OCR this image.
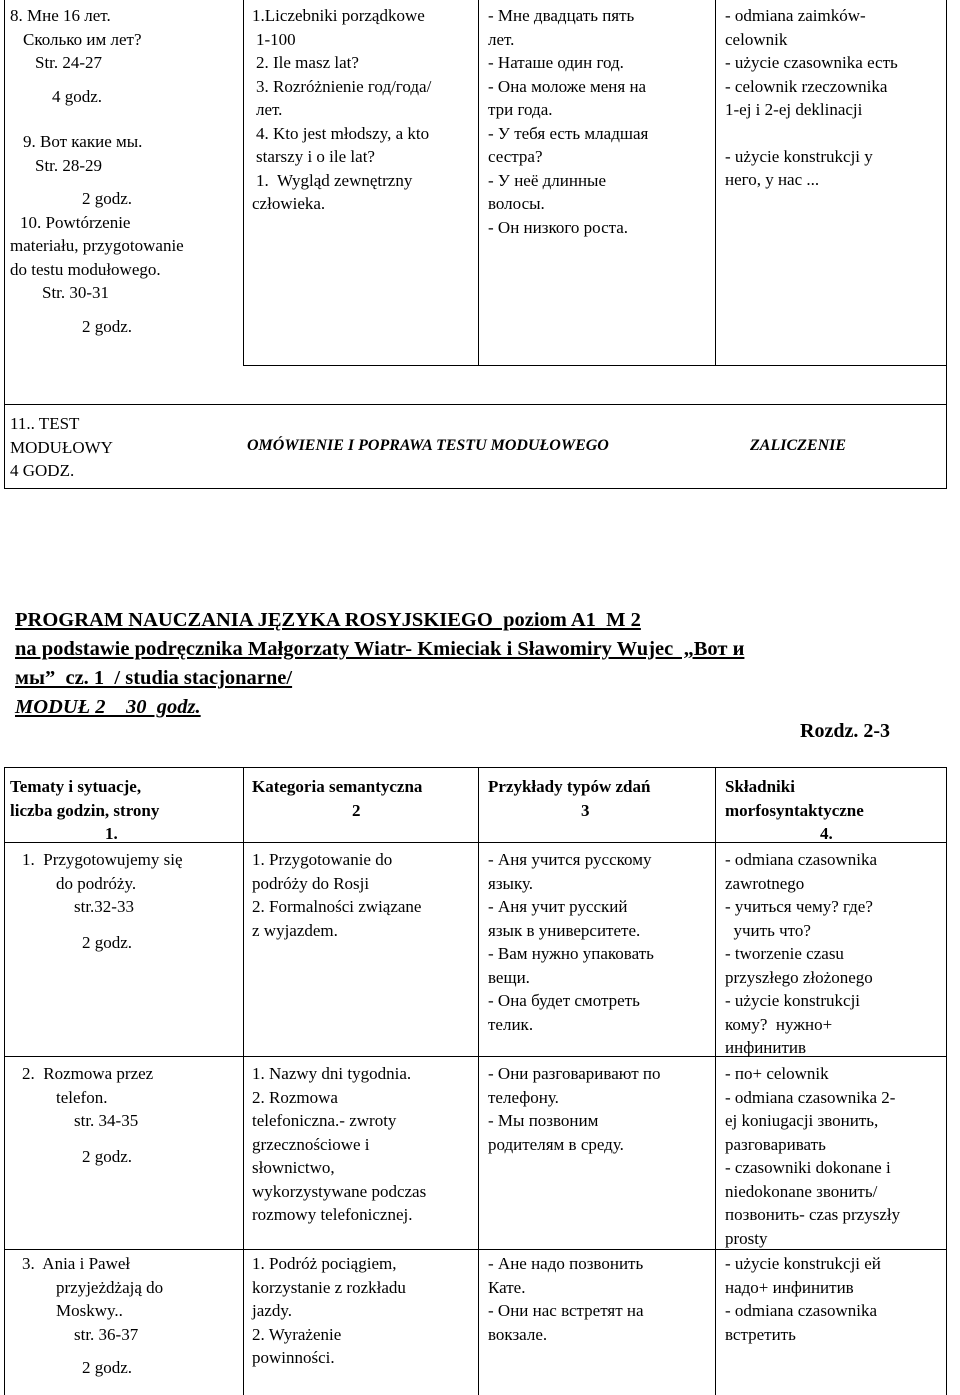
8. Мне 16 лет.
Сколько им лет?
Str. 24-27
4 godz.
9. Вот какие мы.
Str. 28-29
2 godz.
10. Powtórzenie
materiału, przygotowanie
do testu modułowego.
Str. 30-31
2 godz.
1.Liczebniki porządkowe
1-100
2. Ile masz lat?
3. Rozróżnienie год/года/
лет.
4. Kto jest młodszy, a kto
starszy i o ile lat?
1.  Wygląd zewnętrzny
człowieka.
- Мне двадцать пять
лет.
- Наташе один год.
- Она моложе меня на
три года.
- У тебя есть младшая
сестра?
- У неё длинные
волосы.
- Он низкого роста.
- odmiana zaimków-
celownik
- użycie czasownika есть
- celownik rzeczownika
1-ej i 2-ej deklinacji
- użycie konstrukcji у
него, у нас ...
11.. TEST
MODUŁOWY
4 GODZ.
OMÓWIENIE I POPRAWA TESTU MODUŁOWEGO	ZALICZENIE
PROGRAM NAUCZANIA JĘZYKA ROSYJSKIEGO  poziom A1  M 2
na podstawie podręcznika Małgorzaty Wiatr- Kmieciak i Sławomiry Wujec  „Вот и
мы”  cz. 1  / studia stacjonarne/
MODUŁ 2    30  godz.
Rozdz. 2-3
Tematy i sytuacje,
liczba godzin, strony
1.
Kategoria semantyczna
2
Przykłady typów zdań
3
Składniki
morfosyntaktyczne
4.
1.  Przygotowujemy się
do podróży.
str.32-33
2 godz.
1. Przygotowanie do
podróży do Rosji
2. Formalności związane
z wyjazdem.
- Аня учится русскому
языку.
- Аня учит русский
язык в университете.
- Вам нужно упаковать
вещи.
- Она будет смотреть
телик.
- odmiana czasownika
zawrotnego
- учиться чему? где?
учить что?
- tworzenie czasu
przyszłego złożonego
- użycie konstrukcji
кому?  нужно+
инфинитив
2.  Rozmowa przez
telefon.
str. 34-35
2 godz.
1. Nazwy dni tygodnia.
2. Rozmowa
telefoniczna.- zwroty
grzecznościowe i
słownictwo,
wykorzystywane podczas
rozmowy telefonicznej.
- Они разговаривают по
телефону.
- Мы позвоним
родителям в среду.
- по+ celownik
- odmiana czasownika 2-
ej koniugacji звонить,
разговаривать
- czasowniki dokonane i
niedokonane звонить/
позвонить- czas przyszły
prosty
3.  Ania i Paweł
przyjeżdżają do
Moskwy..
str. 36-37
2 godz.
1. Podróż pociągiem,
korzystanie z rozkładu
jazdy.
2. Wyrażenie
powinności.
- Ане надо позвонить
Кате.
- Они нас встретят на
вокзале.
- użycie konstrukcji ей
надо+ инфинитив
- odmiana czasownika
встретить
